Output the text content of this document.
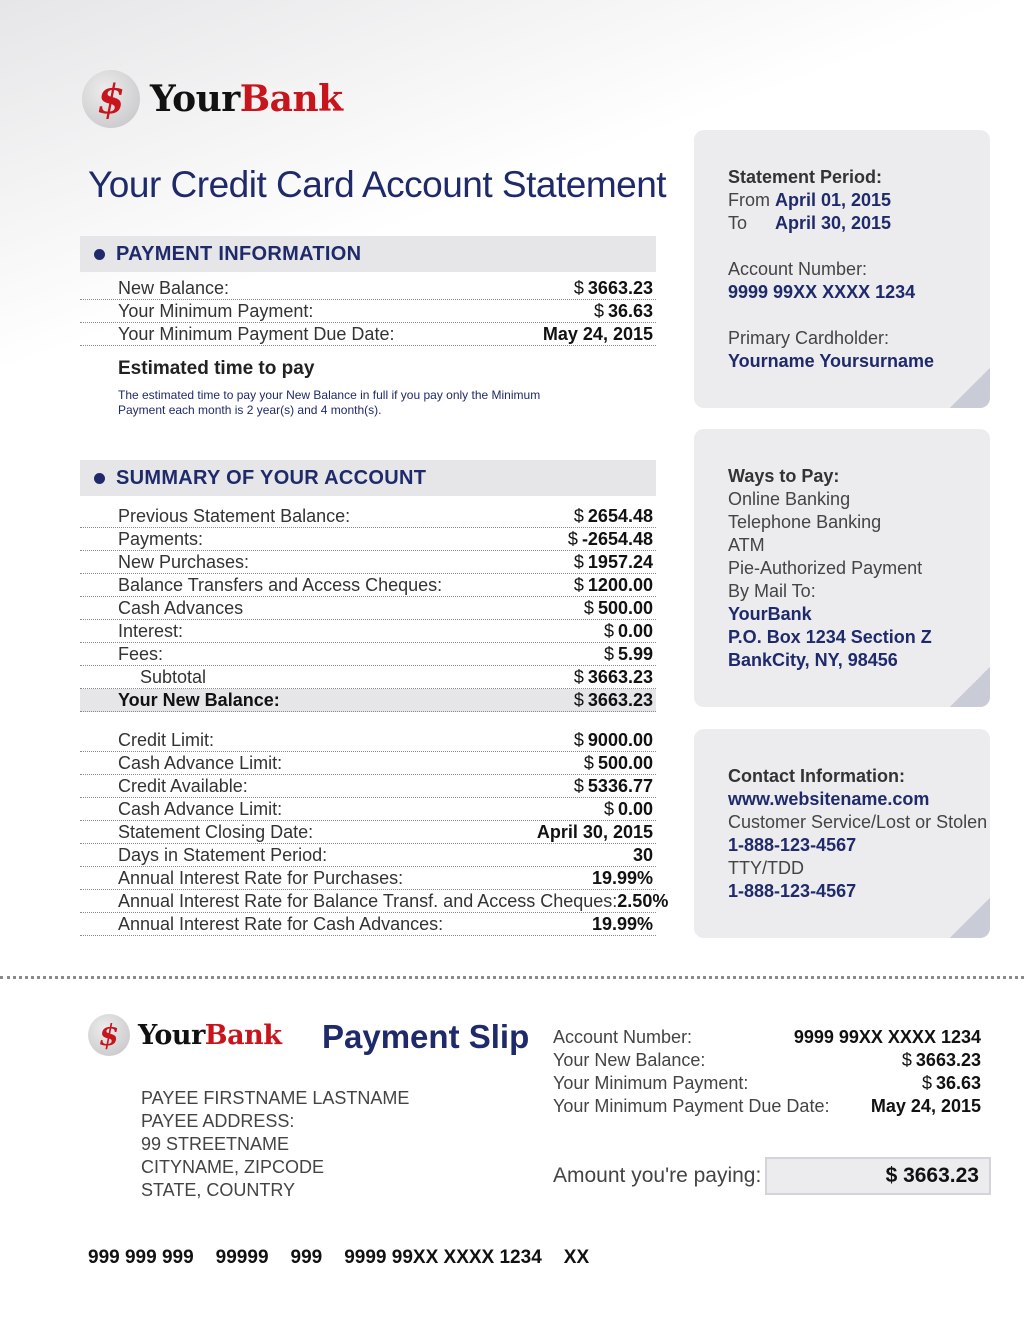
$ YourBank
Your Credit Card Account Statement
PAYMENT INFORMATION
New Balance:	$ 3663.23
Your Minimum Payment:	$ 36.63
Your Minimum Payment Due Date:	May 24, 2015
Estimated time to pay
The estimated time to pay your New Balance in full if you pay only the Minimum Payment each month is 2 year(s) and 4 month(s).
SUMMARY OF YOUR ACCOUNT
Previous Statement Balance:	$ 2654.48
Payments:	$ -2654.48
New Purchases:	$ 1957.24
Balance Transfers and Access Cheques:	$ 1200.00
Cash Advances	$ 500.00
Interest:	$ 0.00
Fees:	$ 5.99
Subtotal	$ 3663.23
Your New Balance:	$ 3663.23
Credit Limit:	$ 9000.00
Cash Advance Limit:	$ 500.00
Credit Available:	$ 5336.77
Cash Advance Limit:	$ 0.00
Statement Closing Date:	April 30, 2015
Days in Statement Period:	30
Annual Interest Rate for Purchases:	19.99%
Annual Interest Rate for Balance Transf. and Access Cheques: 2.50%
Annual Interest Rate for Cash Advances:	19.99%
Statement Period:
From April 01, 2015
To	April 30, 2015
Account Number:
9999 99XX XXXX 1234
Primary Cardholder:
Yourname Yoursurname
Ways to Pay:
Online Banking
Telephone Banking
ATM
Pie-Authorized Payment
By Mail To:
YourBank
P.O. Box 1234 Section Z
BankCity, NY, 98456
Contact Information:
www.websitename.com
Customer Service/Lost or Stolen
1-888-123-4567
TTY/TDD
1-888-123-4567
$ YourBank Payment Slip
PAYEE FIRSTNAME LASTNAME
PAYEE ADDRESS:
99 STREETNAME
CITYNAME, ZIPCODE
STATE, COUNTRY
Account Number:	9999 99XX XXXX 1234
Your New Balance:	$ 3663.23
Your Minimum Payment:	$ 36.63
Your Minimum Payment Due Date: May 24, 2015
Amount you're paying:	$ 3663.23
999 999 999 99999 999 9999 99XX XXXX 1234 XX
